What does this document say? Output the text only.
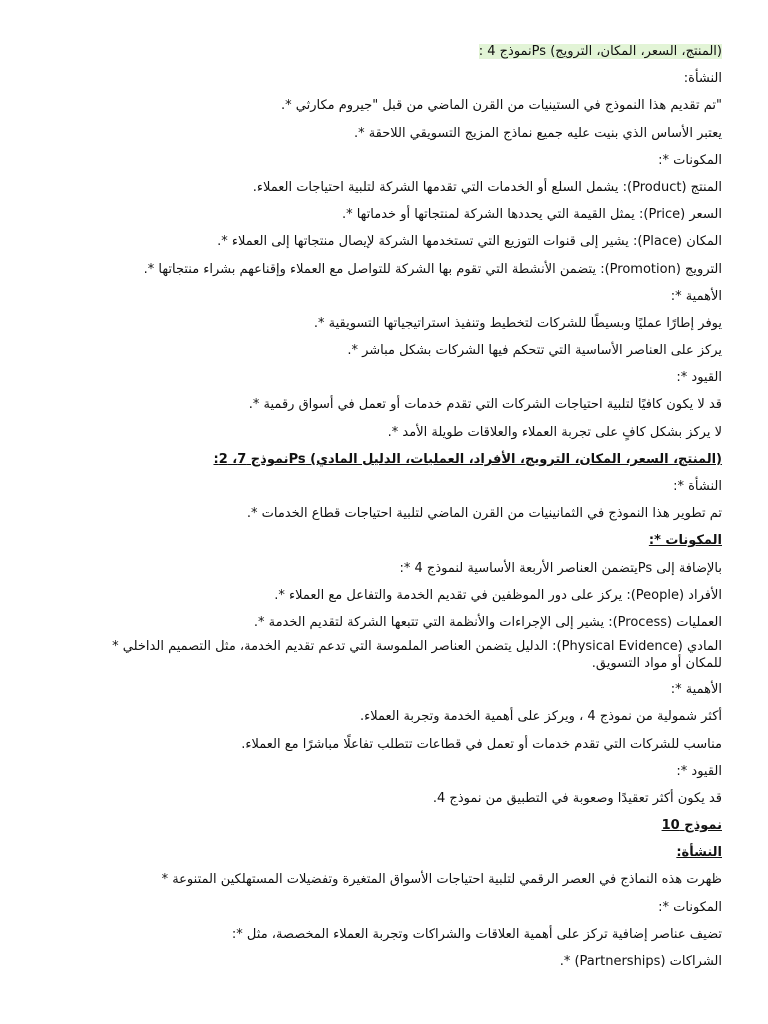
(المنتج، السعر، المكان، الترويج) Psنموذج 4 :
النشأة:
"تم تقديم هذا النموذج في الستينيات من القرن الماضي من قبل "جيروم مكارثي *.
يعتبر الأساس الذي بنيت عليه جميع نماذج المزيج التسويقي اللاحقة *.
المكونات *:
المنتج (Product): يشمل السلع أو الخدمات التي تقدمها الشركة لتلبية احتياجات العملاء.
السعر (Price): يمثل القيمة التي يحددها الشركة لمنتجاتها أو خدماتها *.
المكان (Place): يشير إلى قنوات التوزيع التي تستخدمها الشركة لإيصال منتجاتها إلى العملاء *.
الترويج (Promotion): يتضمن الأنشطة التي تقوم بها الشركة للتواصل مع العملاء وإقناعهم بشراء منتجاتها *.
الأهمية *:
يوفر إطارًا عمليًا وبسيطًا للشركات لتخطيط وتنفيذ استراتيجياتها التسويقية *.
يركز على العناصر الأساسية التي تتحكم فيها الشركات بشكل مباشر *.
القيود *:
قد لا يكون كافيًا لتلبية احتياجات الشركات التي تقدم خدمات أو تعمل في أسواق رقمية *.
لا يركز بشكل كافٍ على تجربة العملاء والعلاقات طويلة الأمد *.
(المنتج، السعر، المكان، الترويج، الأفراد، العمليات، الدليل المادي) Psنموذج 7، 2:
النشأة *:
تم تطوير هذا النموذج في الثمانينيات من القرن الماضي لتلبية احتياجات قطاع الخدمات *.
المكونات *:
بالإضافة إلى Psيتضمن العناصر الأربعة الأساسية لنموذج 4 *:
الأفراد (People): يركز على دور الموظفين في تقديم الخدمة والتفاعل مع العملاء *.
العمليات (Process): يشير إلى الإجراءات والأنظمة التي تتبعها الشركة لتقديم الخدمة *.
المادي (Physical Evidence): الدليل يتضمن العناصر الملموسة التي تدعم تقديم الخدمة، مثل التصميم الداخلي * للمكان أو مواد التسويق.
الأهمية *:
أكثر شمولية من نموذج 4 ، ويركز على أهمية الخدمة وتجربة العملاء.
مناسب للشركات التي تقدم خدمات أو تعمل في قطاعات تتطلب تفاعلًا مباشرًا مع العملاء.
القيود *:
قد يكون أكثر تعقيدًا وصعوبة في التطبيق من نموذج 4.
نموذج 10
النشأة:
ظهرت هذه النماذج في العصر الرقمي لتلبية احتياجات الأسواق المتغيرة وتفضيلات المستهلكين المتنوعة *
المكونات *:
تضيف عناصر إضافية تركز على أهمية العلاقات والشراكات وتجربة العملاء المخصصة، مثل *:
الشراكات (Partnerships) *.
